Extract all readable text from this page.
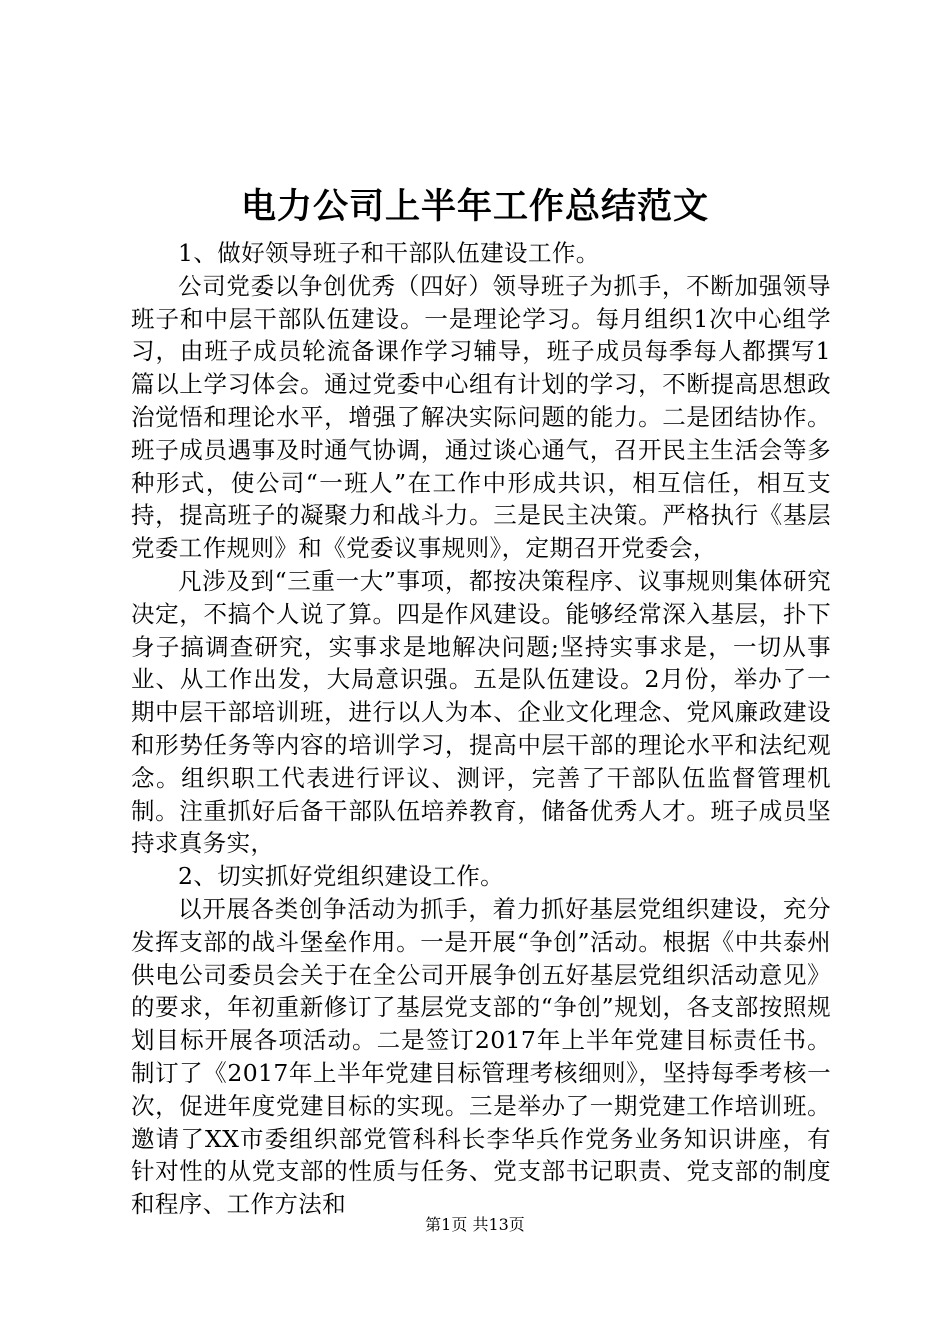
电力公司上半年工作总结范文

1、做好领导班子和干部队伍建设工作。

公司党委以争创优秀（四好）领导班子为抓手，不断加强领导班子和中层干部队伍建设。一是理论学习。每月组织1次中心组学习，由班子成员轮流备课作学习辅导，班子成员每季每人都撰写1篇以上学习体会。通过党委中心组有计划的学习，不断提高思想政治觉悟和理论水平，增强了解决实际问题的能力。二是团结协作。班子成员遇事及时通气协调，通过谈心通气，召开民主生活会等多种形式，使公司“一班人”在工作中形成共识，相互信任，相互支持，提高班子的凝聚力和战斗力。三是民主决策。严格执行《基层党委工作规则》和《党委议事规则》，定期召开党委会，

凡涉及到“三重一大”事项，都按决策程序、议事规则集体研究决定，不搞个人说了算。四是作风建设。能够经常深入基层，扑下身子搞调查研究，实事求是地解决问题;坚持实事求是，一切从事业、从工作出发，大局意识强。五是队伍建设。2月份，举办了一期中层干部培训班，进行以人为本、企业文化理念、党风廉政建设和形势任务等内容的培训学习，提高中层干部的理论水平和法纪观念。组织职工代表进行评议、测评，完善了干部队伍监督管理机制。注重抓好后备干部队伍培养教育，储备优秀人才。班子成员坚持求真务实，

2、切实抓好党组织建设工作。

以开展各类创争活动为抓手，着力抓好基层党组织建设，充分发挥支部的战斗堡垒作用。一是开展“争创”活动。根据《中共泰州供电公司委员会关于在全公司开展争创五好基层党组织活动意见》的要求，年初重新修订了基层党支部的“争创”规划，各支部按照规划目标开展各项活动。二是签订2017年上半年党建目标责任书。制订了《2017年上半年党建目标管理考核细则》，坚持每季考核一次，促进年度党建目标的实现。三是举办了一期党建工作培训班。邀请了XX市委组织部党管科科长李华兵作党务业务知识讲座，有针对性的从党支部的性质与任务、党支部书记职责、党支部的制度和程序、工作方法和

第1页 共13页
